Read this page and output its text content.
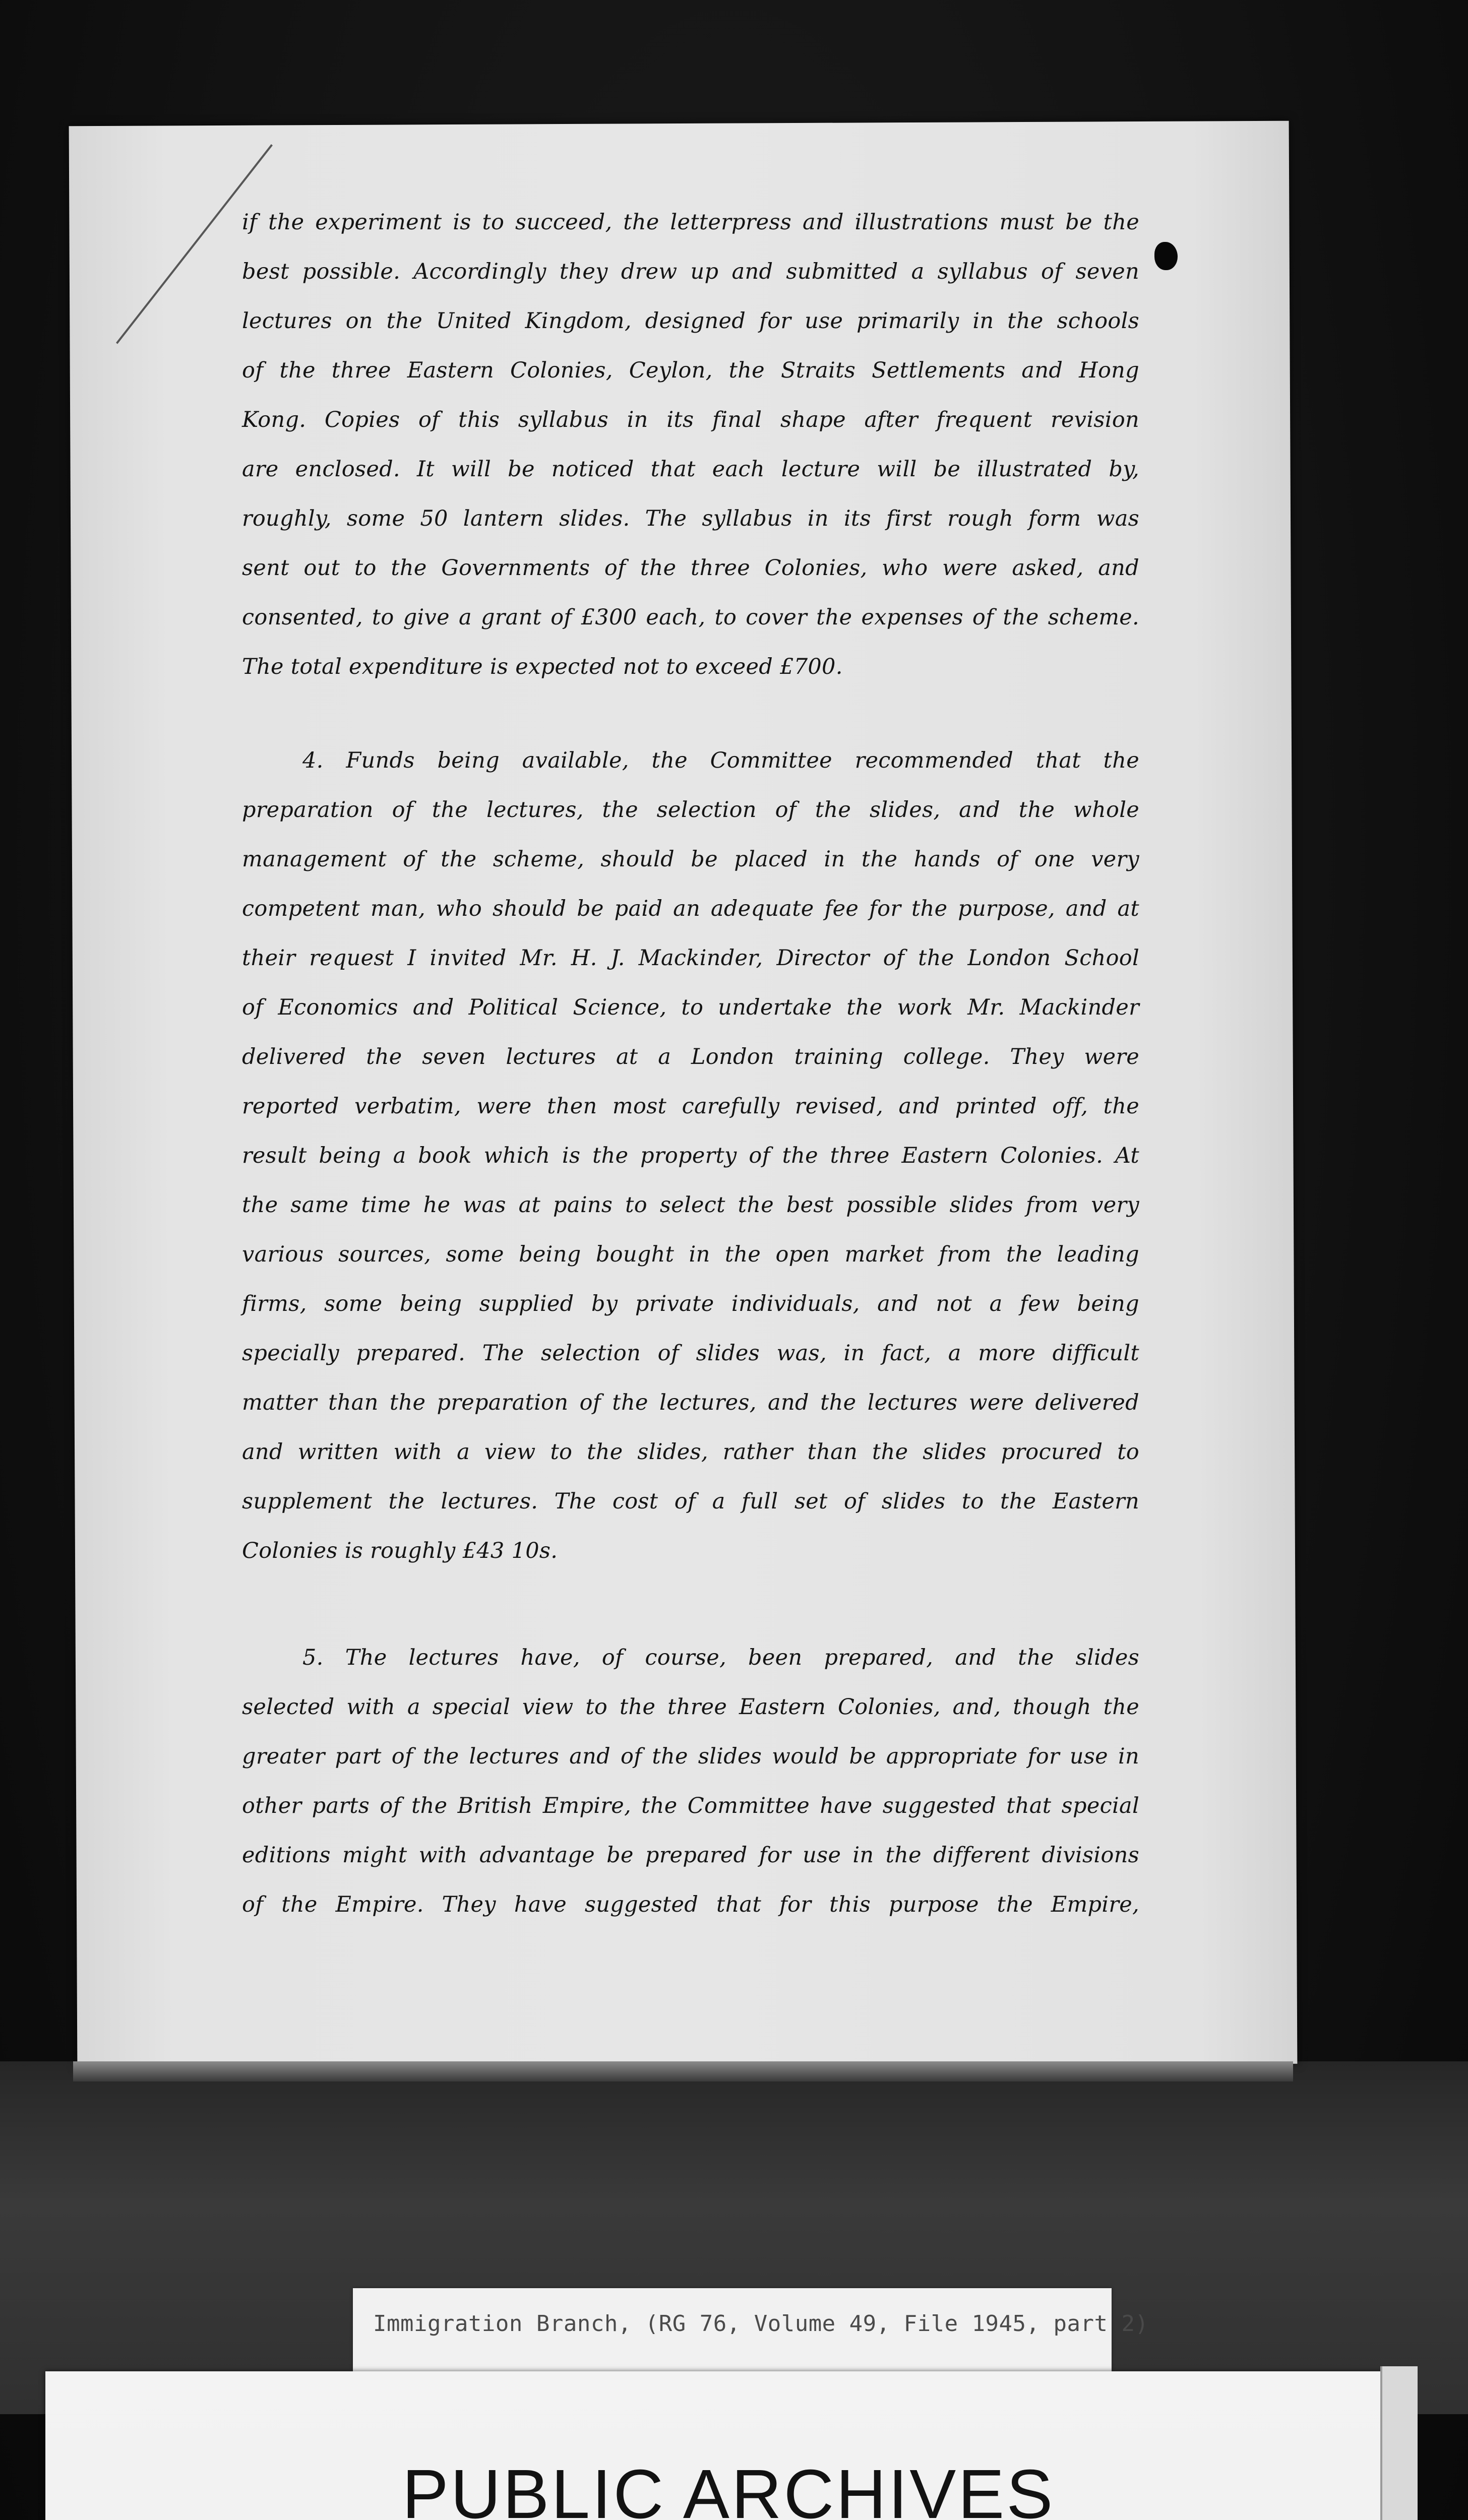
if the experiment is to succeed, the letterpress and illustrations must be the
best possible. Accordingly they drew up and submitted a syllabus of seven
lectures on the United Kingdom, designed for use primarily in the schools
of the three Eastern Colonies, Ceylon, the Straits Settlements and Hong
Kong. Copies of this syllabus in its final shape after frequent revision
are enclosed. It will be noticed that each lecture will be illustrated by,
roughly, some 50 lantern slides. The syllabus in its first rough form was
sent out to the Governments of the three Colonies, who were asked, and
consented, to give a grant of £300 each, to cover the expenses of the scheme.
The total expenditure is expected not to exceed £700.
4. Funds being available, the Committee recommended that the
preparation of the lectures, the selection of the slides, and the whole
management of the scheme, should be placed in the hands of one very
competent man, who should be paid an adequate fee for the purpose, and at
their request I invited Mr. H. J. Mackinder, Director of the London School
of Economics and Political Science, to undertake the work Mr. Mackinder
delivered the seven lectures at a London training college. They were
reported verbatim, were then most carefully revised, and printed off, the
result being a book which is the property of the three Eastern Colonies. At
the same time he was at pains to select the best possible slides from very
various sources, some being bought in the open market from the leading
firms, some being supplied by private individuals, and not a few being
specially prepared. The selection of slides was, in fact, a more difficult
matter than the preparation of the lectures, and the lectures were delivered
and written with a view to the slides, rather than the slides procured to
supplement the lectures. The cost of a full set of slides to the Eastern
Colonies is roughly £43 10s.
5. The lectures have, of course, been prepared, and the slides
selected with a special view to the three Eastern Colonies, and, though the
greater part of the lectures and of the slides would be appropriate for use in
other parts of the British Empire, the Committee have suggested that special
editions might with advantage be prepared for use in the different divisions
of the Empire. They have suggested that for this purpose the Empire,
Immigration Branch, (RG 76, Volume 49, File 1945, part 2)
PUBLIC ARCHIVES
